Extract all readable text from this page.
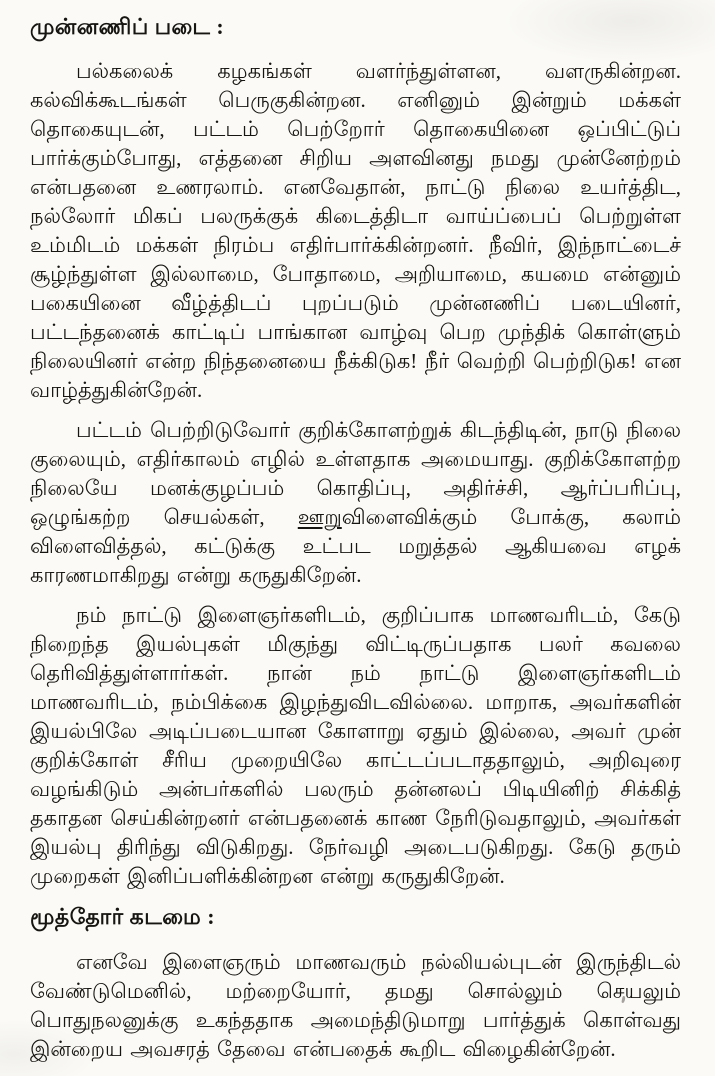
முன்னணிப் படை :

பல்கலைக் கழகங்கள் வளர்ந்துள்ளன, வளருகின்றன. கல்விக்கூடங்கள் பெருகுகின்றன. எனினும் இன்றும் மக்கள் தொகையுடன், பட்டம் பெற்றோர் தொகையினை ஒப்பிட்டுப் பார்க்கும்போது, எத்தனை சிறிய அளவினது நமது முன்னேற்றம் என்பதனை உணரலாம். எனவேதான், நாட்டு நிலை உயர்த்திட, நல்லோர் மிகப் பலருக்குக் கிடைத்திடா வாய்ப்பைப் பெற்றுள்ள உம்மிடம் மக்கள் நிரம்ப எதிர்பார்க்கின்றனர். நீவிர், இந்நாட்டைச் சூழ்ந்துள்ள இல்லாமை, போதாமை, அறியாமை, கயமை என்னும் பகையினை வீழ்த்திடப் புறப்படும் முன்னணிப் படையினர், பட்டந்தனைக் காட்டிப் பாங்கான வாழ்வு பெற முந்திக் கொள்ளும் நிலையினர் என்ற நிந்தனையை நீக்கிடுக! நீர் வெற்றி பெற்றிடுக! என வாழ்த்துகின்றேன்.

பட்டம் பெற்றிடுவோர் குறிக்கோளற்றுக் கிடந்திடின், நாடு நிலை குலையும், எதிர்காலம் எழில் உள்ளதாக அமையாது. குறிக்கோளற்ற நிலையே மனக்குழப்பம் கொதிப்பு, அதிர்ச்சி, ஆர்ப்பரிப்பு, ஒழுங்கற்ற செயல்கள், ஊறுவிளைவிக்கும் போக்கு, கலாம் விளைவித்தல், கட்டுக்கு உட்பட மறுத்தல் ஆகியவை எழக் காரணமாகிறது என்று கருதுகிறேன்.

நம் நாட்டு இளைஞர்களிடம், குறிப்பாக மாணவரிடம், கேடு நிறைந்த இயல்புகள் மிகுந்து விட்டிருப்பதாக பலர் கவலை தெரிவித்துள்ளார்கள். நான் நம் நாட்டு இளைஞர்களிடம் மாணவரிடம், நம்பிக்கை இழந்துவிடவில்லை. மாறாக, அவர்களின் இயல்பிலே அடிப்படையான கோளாறு ஏதும் இல்லை, அவர் முன் குறிக்கோள் சீரிய முறையிலே காட்டப்படாததாலும், அறிவுரை வழங்கிடும் அன்பர்களில் பலரும் தன்னலப் பிடியினிற் சிக்கித் தகாதன செய்கின்றனர் என்பதனைக் காண நேரிடுவதாலும், அவர்கள் இயல்பு திரிந்து விடுகிறது. நேர்வழி அடைபடுகிறது. கேடு தரும் முறைகள் இனிப்பளிக்கின்றன என்று கருதுகிறேன்.

மூத்தோர் கடமை :

எனவே இளைஞரும் மாணவரும் நல்லியல்புடன் இருந்திடல் வேண்டுமெனில், மற்றையோர், தமது சொல்லும் செயலும் பொதுநலனுக்கு உகந்ததாக அமைந்திடுமாறு பார்த்துக் கொள்வது இன்றைய அவசரத் தேவை என்பதைக் கூறிட விழைகின்றேன்.
